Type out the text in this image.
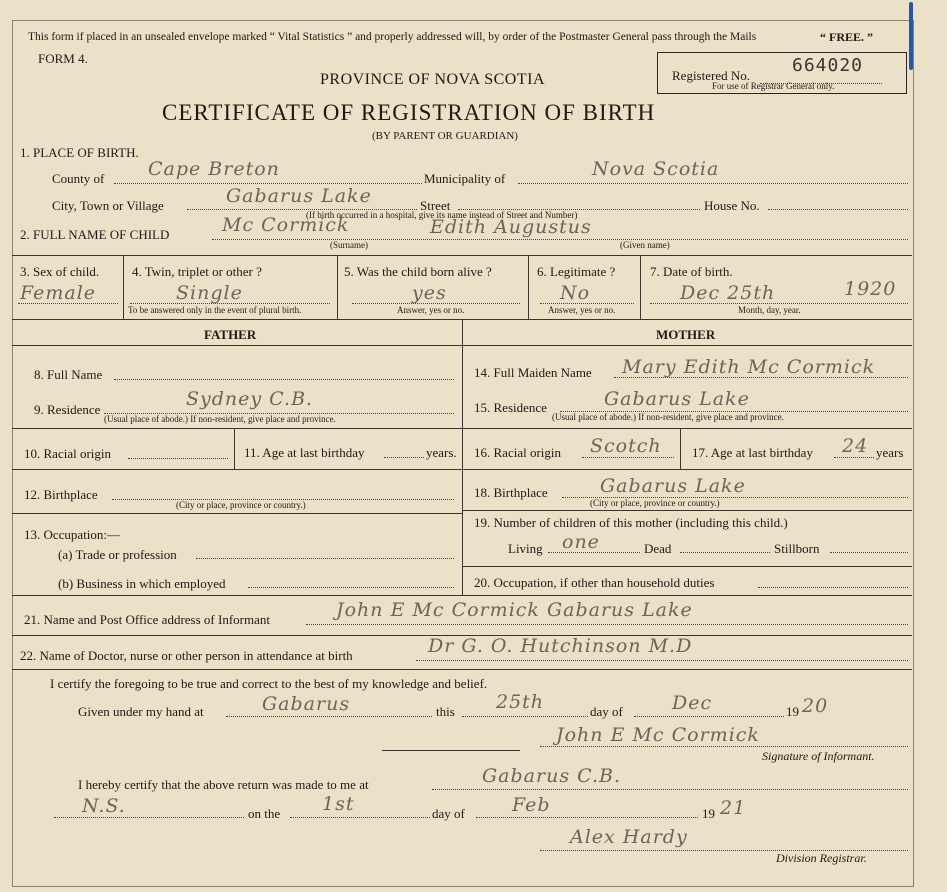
This form if placed in an unsealed envelope marked “ Vital Statistics ” and properly addressed will, by order of the Postmaster General pass through the Mails	“ FREE. ”
FORM 4.
PROVINCE OF NOVA SCOTIA
CERTIFICATE OF REGISTRATION OF BIRTH
(BY PARENT OR GUARDIAN)
Registered No. 664020
For use of Registrar General only.
1. PLACE OF BIRTH.
County of Cape Breton	Municipality of	Nova Scotia
City, Town or Village	Gabarus Lake	Street	House No.
(If birth occurred in a hospital, give its name instead of Street and Number)
2. FULL NAME OF CHILD	Mc Cormick	Edith Augustus
(Surname)	(Given name)
3. Sex of child.
Female
4. Twin, triplet or other ?
Single
To be answered only in the event of plural birth.
5. Was the child born alive ?
yes
Answer, yes or no.
6. Legitimate ?
No
Answer, yes or no.
7. Date of birth.
Dec 25th	1920
Month, day, year.
FATHER	MOTHER
8. Full Name
9. Residence	Sydney C.B.
(Usual place of abode.) If non-resident, give place and province.
10. Racial origin	11. Age at last birthday	years.
12. Birthplace
(City or place, province or country.)
13. Occupation:—
(a) Trade or profession
(b) Business in which employed
14. Full Maiden Name Mary Edith Mc Cormick
15. Residence	Gabarus Lake
(Usual place of abode.) If non-resident, give place and province.
16. Racial origin Scotch 17. Age at last birthday 24 years
18. Birthplace	Gabarus Lake
(City or place, province or country.)
19. Number of children of this mother (including this child.)
Living one	Dead	Stillborn
20. Occupation, if other than household duties
21. Name and Post Office address of Informant	John E Mc Cormick Gabarus Lake
22. Name of Doctor, nurse or other person in attendance at birth	Dr G. O. Hutchinson M.D
I certify the foregoing to be true and correct to the best of my knowledge and belief.
Given under my hand at	Gabarus	this 25th	day of	Dec	19 20
John E Mc Cormick
Signature of Informant.
I hereby certify that the above return was made to me at	Gabarus C.B.
N.S.	on the 1st	day of Feb	19 21
Alex Hardy
Division Registrar.
